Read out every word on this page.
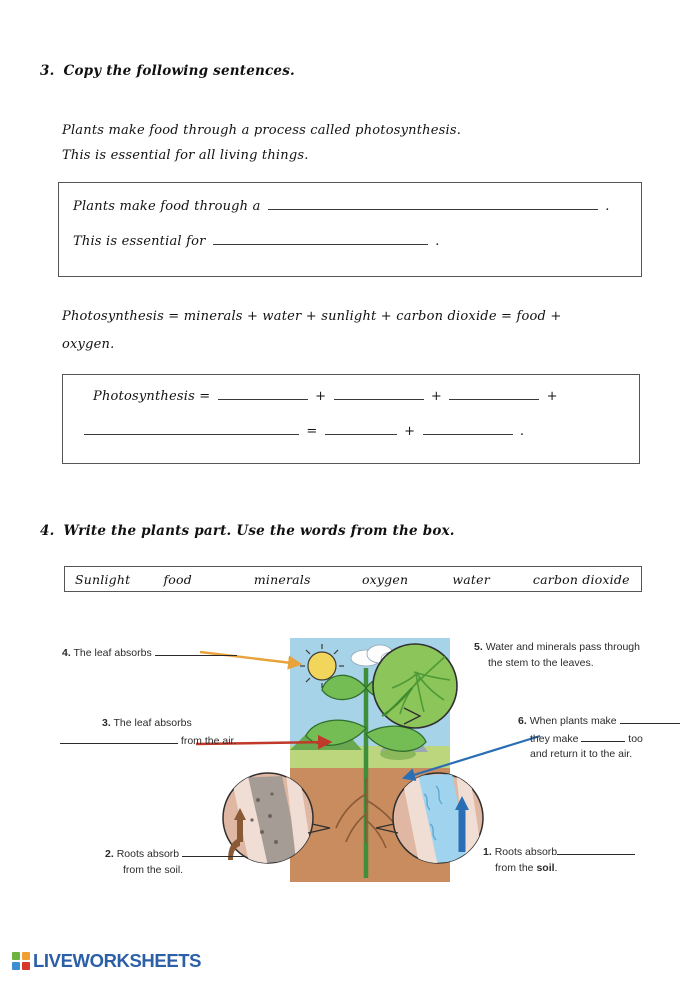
3. Copy the following sentences.
Plants make food through a process called photosynthesis.
This is essential for all living things.
Plants make food through a	.
This is essential for	.
Photosynthesis = minerals + water + sunlight + carbon dioxide = food +
oxygen.
Photosynthesis =	+	+	+
=	+	.
4. Write the plants part. Use the words from the box.
Sunlight	food	minerals	oxygen	water	carbon dioxide
4. The leaf absorbs
3. The leaf absorbs
from the air.
2. Roots absorb
from the soil.
5. Water and minerals pass through
the stem to the leaves.
6. When plants make
they make	too
and return it to the air.
1. Roots absorb
from the soil.
LIVEWORKSHEETS
